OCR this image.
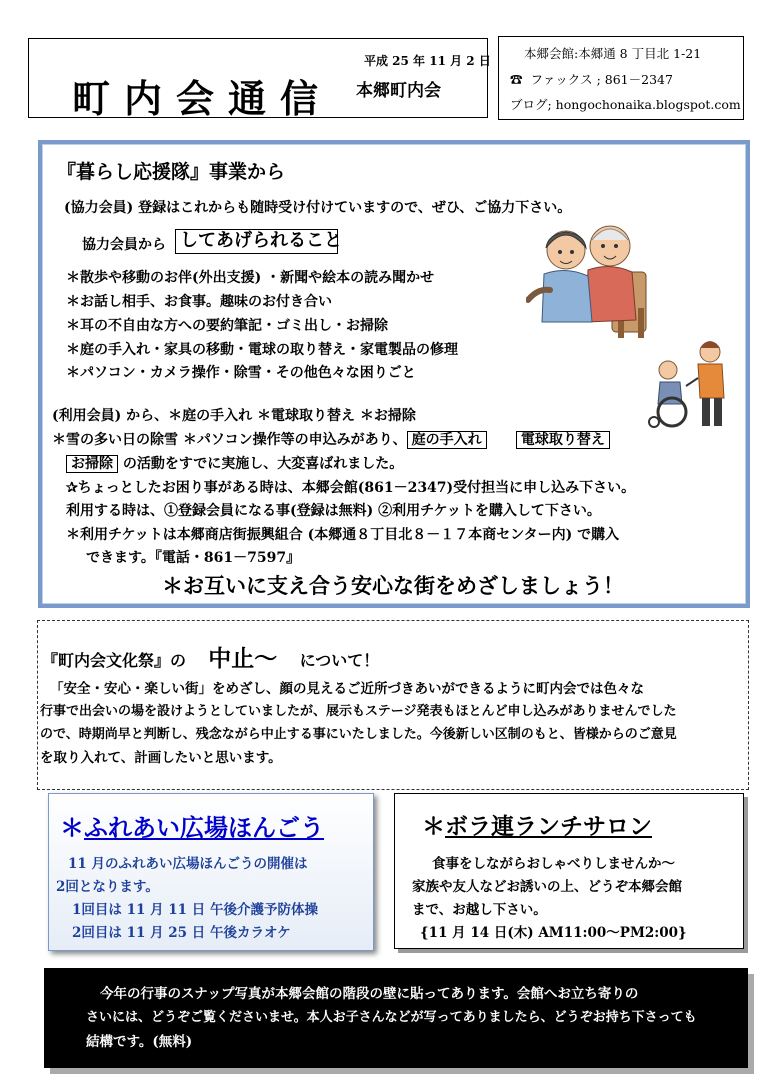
町内会通信
平成 25 年 11 月 2 日
本郷町内会
本郷会館:本郷通 8 丁目北 1-21
☎ ファックス ; 861－2347
ブログ; hongochonaika.blogspot.com
『暮らし応援隊』事業から
(協力会員) 登録はこれからも随時受け付けていますので、ぜひ、ご協力下さい。
協力会員から してあげられること
＊散歩や移動のお伴(外出支援) ・新聞や絵本の読み聞かせ
＊お話し相手、お食事。趣味のお付き合い
＊耳の不自由な方への要約筆記・ゴミ出し・お掃除
＊庭の手入れ・家具の移動・電球の取り替え・家電製品の修理
＊パソコン・カメラ操作・除雪・その他色々な困りごと
(利用会員) から、＊庭の手入れ ＊電球取り替え ＊お掃除
＊雪の多い日の除雪 ＊パソコン操作等の申込みがあり、 庭の手入れ	電球取り替え
お掃除 の活動をすでに実施し、大変喜ばれました。
✰ちょっとしたお困り事がある時は、本郷会館(861－2347)受付担当に申し込み下さい。
利用する時は、①登録会員になる事(登録は無料) ②利用チケットを購入して下さい。
＊利用チケットは本郷商店街振興組合 (本郷通８丁目北８－１７本商センター内) で購入
できます。『電話・861－7597』
＊お互いに支え合う安心な街をめざしましょう！
『町内会文化祭』の 中止～ について！
「安全・安心・楽しい街」をめざし、顔の見えるご近所づきあいができるように町内会では色々な
行事で出会いの場を設けようとしていましたが、展示もステージ発表もほとんど申し込みがありませんでした
ので、時期尚早と判断し、残念ながら中止する事にいたしました。今後新しい区制のもと、皆様からのご意見
を取り入れて、計画したいと思います。
＊ふれあい広場ほんごう
11 月のふれあい広場ほんごうの開催は
2回となります。
1回目は 11 月 11 日 午後介護予防体操
2回目は 11 月 25 日 午後カラオケ
＊ボラ連ランチサロン
食事をしながらおしゃべりしませんか～
家族や友人などお誘いの上、どうぞ本郷会館
まで、お越し下さい。
{11 月 14 日(木) AM11:00～PM2:00}
今年の行事のスナップ写真が本郷会館の階段の壁に貼ってあります。会館へお立ち寄りの
さいには、どうぞご覧くださいませ。本人お子さんなどが写ってありましたら、どうぞお持ち下さっても
結構です。(無料)
